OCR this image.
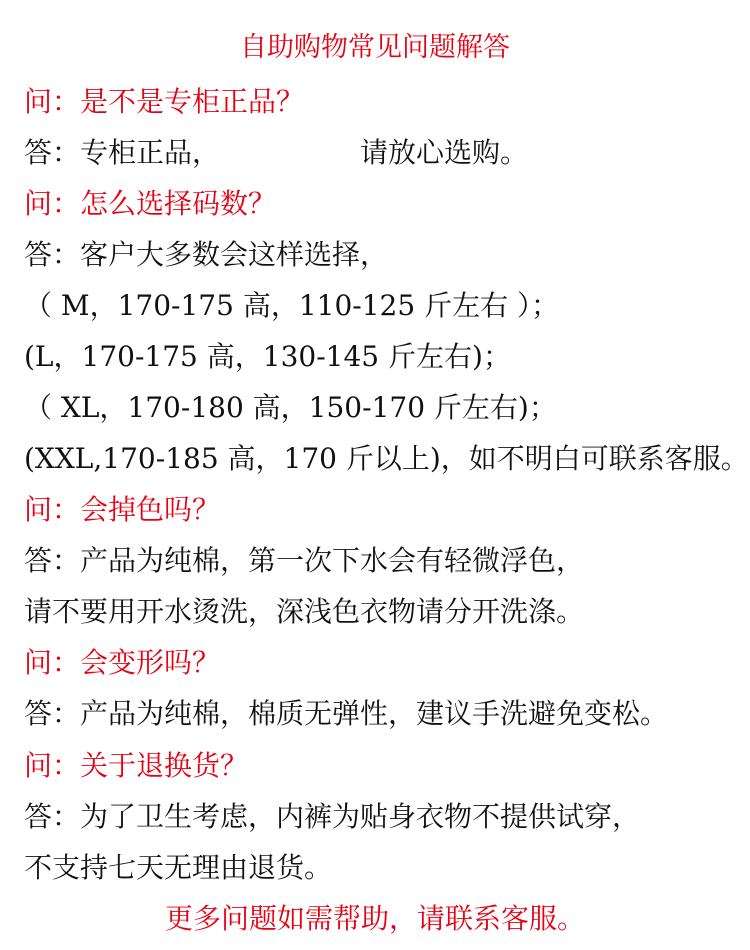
自助购物常见问题解答
问：是不是专柜正品？
答：专柜正品，	请放心选购。
问：怎么选择码数？
答：客户大多数会这样选择，
（ M，170-175 高，110-125 斤左右 ）；
(L，170-175 高，130-145 斤左右)；
（ XL，170-180 高，150-170 斤左右)；
(XXL,170-185 高，170 斤以上)，如不明白可联系客服。
问：会掉色吗？
答：产品为纯棉，第一次下水会有轻微浮色，
请不要用开水烫洗，深浅色衣物请分开洗涤。
问：会变形吗？
答：产品为纯棉，棉质无弹性，建议手洗避免变松。
问：关于退换货？
答：为了卫生考虑，内裤为贴身衣物不提供试穿，
不支持七天无理由退货。
更多问题如需帮助，请联系客服。
